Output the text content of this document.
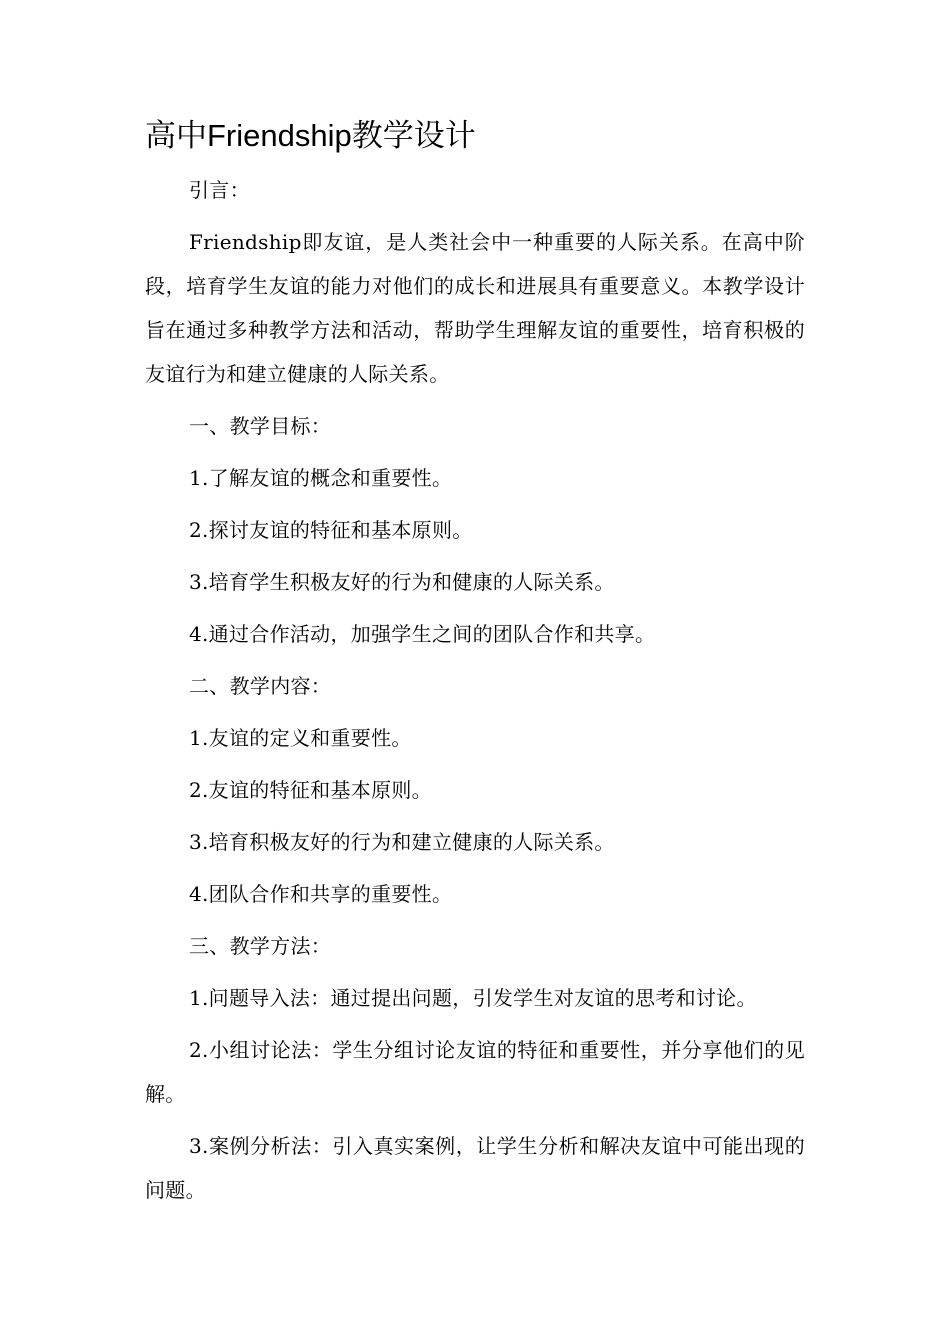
高中Friendship教学设计

引言：

Friendship即友谊，是人类社会中一种重要的人际关系。在高中阶段，培育学生友谊的能力对他们的成长和进展具有重要意义。本教学设计旨在通过多种教学方法和活动，帮助学生理解友谊的重要性，培育积极的友谊行为和建立健康的人际关系。

一、教学目标：

1.了解友谊的概念和重要性。

2.探讨友谊的特征和基本原则。

3.培育学生积极友好的行为和健康的人际关系。

4.通过合作活动，加强学生之间的团队合作和共享。

二、教学内容：

1.友谊的定义和重要性。

2.友谊的特征和基本原则。

3.培育积极友好的行为和建立健康的人际关系。

4.团队合作和共享的重要性。

三、教学方法：

1.问题导入法：通过提出问题，引发学生对友谊的思考和讨论。

2.小组讨论法：学生分组讨论友谊的特征和重要性，并分享他们的见解。

3.案例分析法：引入真实案例，让学生分析和解决友谊中可能出现的问题。
